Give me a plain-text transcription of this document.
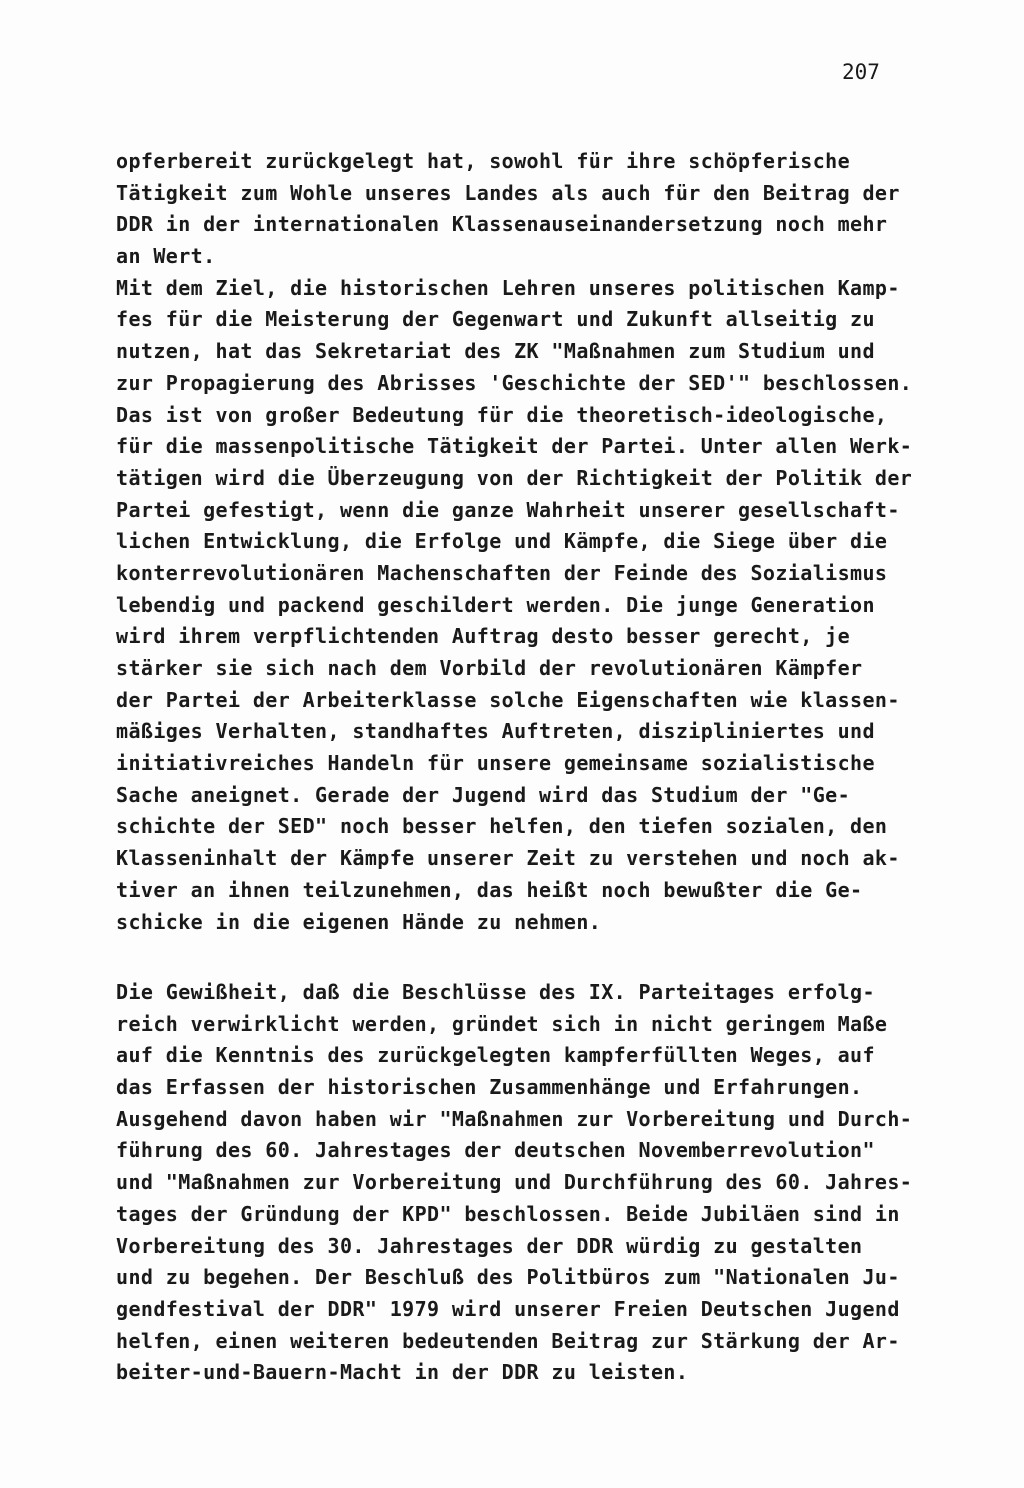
207
opferbereit zurückgelegt hat, sowohl für ihre schöpferische
Tätigkeit zum Wohle unseres Landes als auch für den Beitrag der
DDR in der internationalen Klassenauseinandersetzung noch mehr
an Wert.
Mit dem Ziel, die historischen Lehren unseres politischen Kamp-
fes für die Meisterung der Gegenwart und Zukunft allseitig zu
nutzen, hat das Sekretariat des ZK "Maßnahmen zum Studium und
zur Propagierung des Abrisses 'Geschichte der SED'" beschlossen.
Das ist von großer Bedeutung für die theoretisch-ideologische,
für die massenpolitische Tätigkeit der Partei. Unter allen Werk-
tätigen wird die Überzeugung von der Richtigkeit der Politik der
Partei gefestigt, wenn die ganze Wahrheit unserer gesellschaft-
lichen Entwicklung, die Erfolge und Kämpfe, die Siege über die
konterrevolutionären Machenschaften der Feinde des Sozialismus
lebendig und packend geschildert werden. Die junge Generation
wird ihrem verpflichtenden Auftrag desto besser gerecht, je
stärker sie sich nach dem Vorbild der revolutionären Kämpfer
der Partei der Arbeiterklasse solche Eigenschaften wie klassen-
mäßiges Verhalten, standhaftes Auftreten, diszipliniertes und
initiativreiches Handeln für unsere gemeinsame sozialistische
Sache aneignet. Gerade der Jugend wird das Studium der "Ge-
schichte der SED" noch besser helfen, den tiefen sozialen, den
Klasseninhalt der Kämpfe unserer Zeit zu verstehen und noch ak-
tiver an ihnen teilzunehmen, das heißt noch bewußter die Ge-
schicke in die eigenen Hände zu nehmen.
Die Gewißheit, daß die Beschlüsse des IX. Parteitages erfolg-
reich verwirklicht werden, gründet sich in nicht geringem Maße
auf die Kenntnis des zurückgelegten kampferfüllten Weges, auf
das Erfassen der historischen Zusammenhänge und Erfahrungen.
Ausgehend davon haben wir "Maßnahmen zur Vorbereitung und Durch-
führung des 60. Jahrestages der deutschen Novemberrevolution"
und "Maßnahmen zur Vorbereitung und Durchführung des 60. Jahres-
tages der Gründung der KPD" beschlossen. Beide Jubiläen sind in
Vorbereitung des 30. Jahrestages der DDR würdig zu gestalten
und zu begehen. Der Beschluß des Politbüros zum "Nationalen Ju-
gendfestival der DDR" 1979 wird unserer Freien Deutschen Jugend
helfen, einen weiteren bedeutenden Beitrag zur Stärkung der Ar-
beiter-und-Bauern-Macht in der DDR zu leisten.
